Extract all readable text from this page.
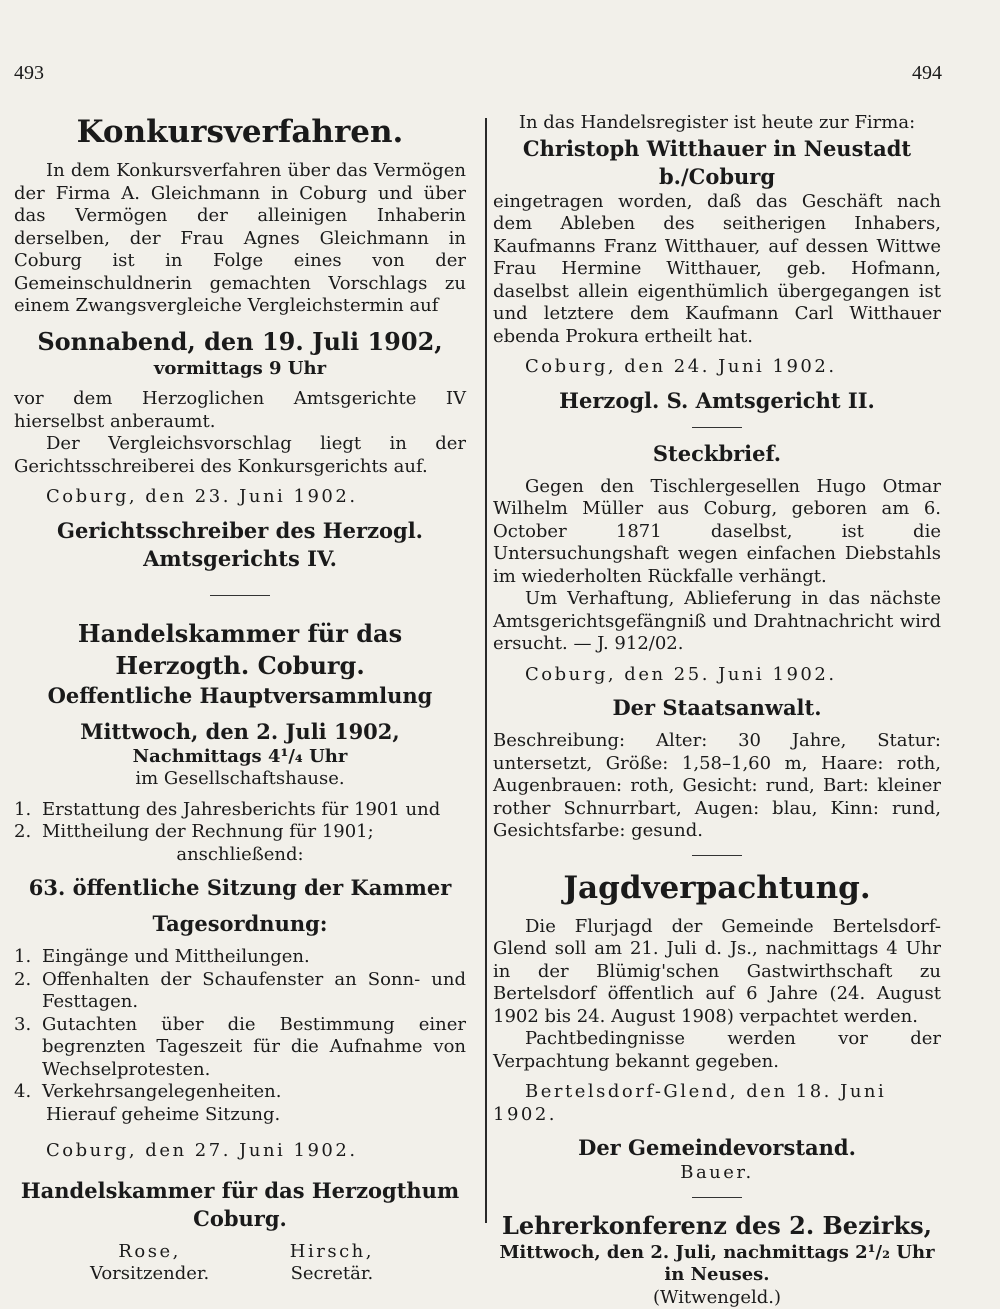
493	494
Konkursverfahren.

In dem Konkursverfahren über das Vermögen der Firma A. Gleichmann in Coburg und über das Vermögen der alleinigen Inhaberin derselben, der Frau Agnes Gleichmann in Coburg ist in Folge eines von der Gemeinschuldnerin gemachten Vorschlags zu einem Zwangsvergleiche Vergleichstermin auf

Sonnabend, den 19. Juli 1902,

vormittags 9 Uhr

vor dem Herzoglichen Amtsgerichte IV hierselbst anberaumt.

Der Vergleichsvorschlag liegt in der Gerichtsschreiberei des Konkursgerichts auf.

Coburg, den 23. Juni 1902.

Gerichtsschreiber des Herzogl. Amtsgerichts IV.
Handelskammer für das Herzogth. Coburg.
Oeffentliche Hauptversammlung
Mittwoch, den 2. Juli 1902,

Nachmittags 4¹/₄ Uhr

im Gesellschaftshause.

1. Erstattung des Jahresberichts für 1901 und
2. Mittheilung der Rechnung für 1901;

anschließend:

63. öffentliche Sitzung der Kammer
Tagesordnung:
1. Eingänge und Mittheilungen.
2. Offenhalten der Schaufenster an Sonn- und Festtagen.
3. Gutachten über die Bestimmung einer begrenzten Tageszeit für die Aufnahme von Wechselprotesten.
4. Verkehrsangelegenheiten.

Hierauf geheime Sitzung.

Coburg, den 27. Juni 1902.

Handelskammer für das Herzogthum Coburg.

Rose,

Vorsitzender.

Hirsch,

Secretär.

In das Handelsregister ist heute zur Firma:

Christoph Witthauer in Neustadt b./Coburg

eingetragen worden, daß das Geschäft nach dem Ableben des seitherigen Inhabers, Kaufmanns Franz Witthauer, auf dessen Wittwe Frau Hermine Witthauer, geb. Hofmann, daselbst allein eigenthümlich übergegangen ist und letztere dem Kaufmann Carl Witthauer ebenda Prokura ertheilt hat.

Coburg, den 24. Juni 1902.

Herzogl. S. Amtsgericht II.
Steckbrief.

Gegen den Tischlergesellen Hugo Otmar Wilhelm Müller aus Coburg, geboren am 6. October 1871 daselbst, ist die Untersuchungshaft wegen einfachen Diebstahls im wiederholten Rückfalle verhängt.

Um Verhaftung, Ablieferung in das nächste Amtsgerichtsgefängniß und Drahtnachricht wird ersucht. — J. 912/02.

Coburg, den 25. Juni 1902.

Der Staatsanwalt.

Beschreibung: Alter: 30 Jahre, Statur: untersetzt, Größe: 1,58–1,60 m, Haare: roth, Augenbrauen: roth, Gesicht: rund, Bart: kleiner rother Schnurrbart, Augen: blau, Kinn: rund, Gesichtsfarbe: gesund.

Jagdverpachtung.

Die Flurjagd der Gemeinde Bertelsdorf-Glend soll am 21. Juli d. Js., nachmittags 4 Uhr in der Blümig'schen Gastwirthschaft zu Bertelsdorf öffentlich auf 6 Jahre (24. August 1902 bis 24. August 1908) verpachtet werden.

Pachtbedingnisse werden vor der Verpachtung bekannt gegeben.

Bertelsdorf-Glend, den 18. Juni 1902.

Der Gemeindevorstand.

Bauer.

Lehrerkonferenz des 2. Bezirks,

Mittwoch, den 2. Juli, nachmittags 2¹/₂ Uhr

in Neuses.

(Witwengeld.)
